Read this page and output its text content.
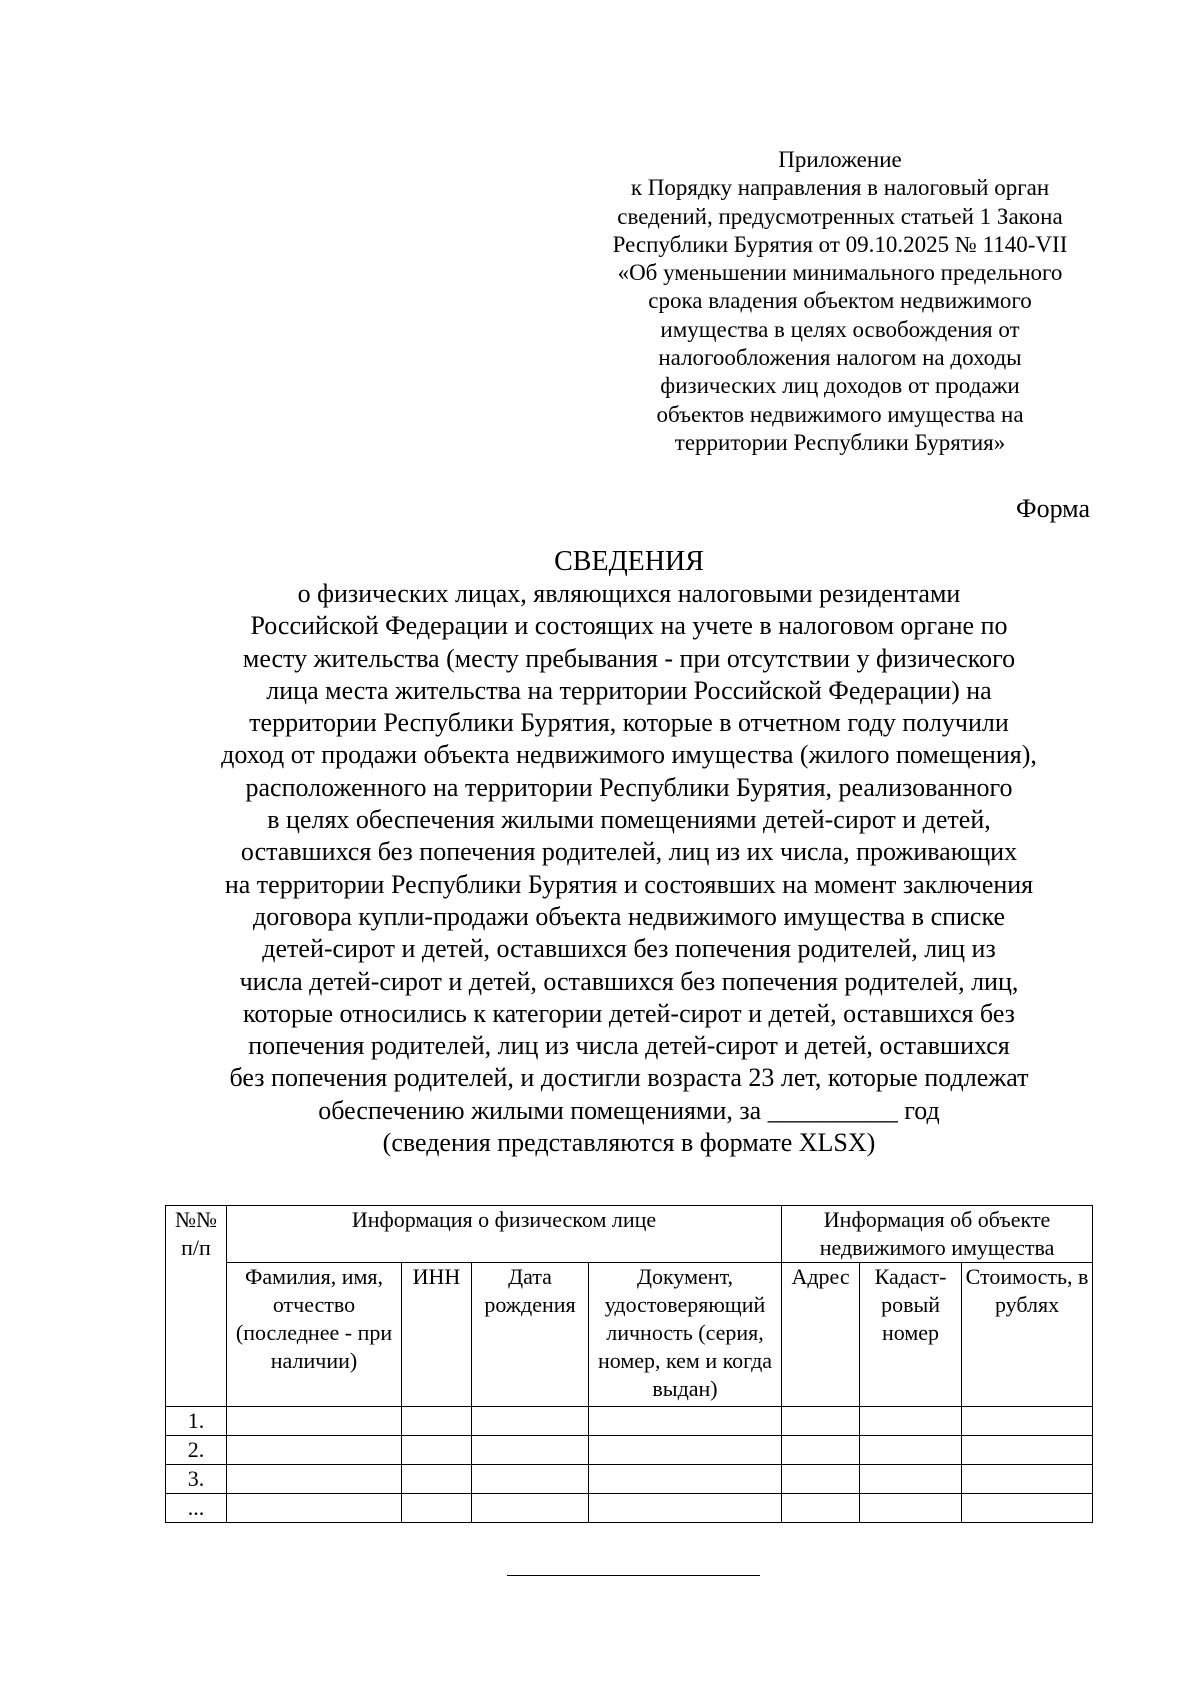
Приложение
к Порядку направления в налоговый орган
сведений, предусмотренных статьей 1 Закона
Республики Бурятия от 09.10.2025 № 1140-VII
«Об уменьшении минимального предельного
срока владения объектом недвижимого
имущества в целях освобождения от
налогообложения налогом на доходы
физических лиц доходов от продажи
объектов недвижимого имущества на
территории Республики Бурятия»
Форма
СВЕДЕНИЯ
о физических лицах, являющихся налоговыми резидентами
Российской Федерации и состоящих на учете в налоговом органе по
месту жительства (месту пребывания - при отсутствии у физического
лица места жительства на территории Российской Федерации) на
территории Республики Бурятия, которые в отчетном году получили
доход от продажи объекта недвижимого имущества (жилого помещения),
расположенного на территории Республики Бурятия, реализованного
в целях обеспечения жилыми помещениями детей-сирот и детей,
оставшихся без попечения родителей, лиц из их числа, проживающих
на территории Республики Бурятия и состоявших на момент заключения
договора купли-продажи объекта недвижимого имущества в списке
детей-сирот и детей, оставшихся без попечения родителей, лиц из
числа детей-сирот и детей, оставшихся без попечения родителей, лиц,
которые относились к категории детей-сирот и детей, оставшихся без
попечения родителей, лиц из числа детей-сирот и детей, оставшихся
без попечения родителей, и достигли возраста 23 лет, которые подлежат
обеспечению жилыми помещениями, за __________ год
(сведения представляются в формате XLSX)
№№ п/п	Информация о физическом лице				Информация об объекте недвижимого имущества		
	Фамилия, имя, отчество (последнее - при наличии)	ИНН	Дата рождения	Документ, удостоверяющий личность (серия, номер, кем и когда выдан)	Адрес	Кадаст-ровый номер	Стоимость, в рублях
1.							
2.							
3.							
...							
